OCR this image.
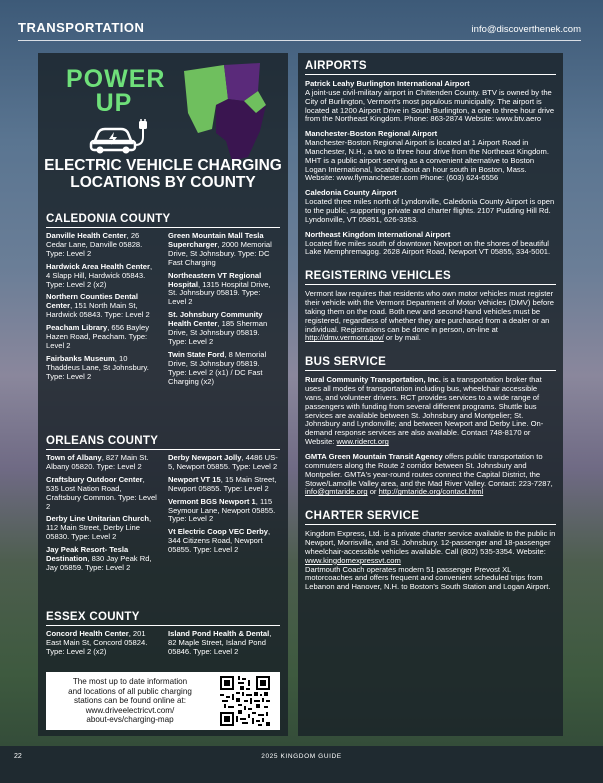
TRANSPORTATION	info@discoverthenek.com
POWER
UP
ELECTRIC VEHICLE CHARGING
LOCATIONS BY COUNTY
CALEDONIA COUNTY
Danville Health Center, 26 Cedar Lane, Danville 05828. Type: Level 2
Hardwick Area Health Center, 4 Slapp Hill, Hardwick 05843. Type: Level 2 (x2)
Northern Counties Dental Center, 151 North Main St, Hardwick 05843. Type: Level 2
Peacham Library, 656 Bayley Hazen Road, Peacham. Type: Level 2
Fairbanks Museum, 10 Thaddeus Lane, St Johnsbury. Type: Level 2
Green Mountain Mall Tesla Supercharger, 2000 Memorial Drive, St Johnsbury. Type: DC Fast Charging
Northeastern VT Regional Hospital, 1315 Hospital Drive, St. Johnsbury 05819. Type: Level 2
St. Johnsbury Community Health Center, 185 Sherman Drive, St Johnsbury 05819. Type: Level 2
Twin State Ford, 8 Memorial Drive, St Johnsbury 05819. Type: Level 2 (x1) / DC Fast Charging (x2)
ORLEANS COUNTY
Town of Albany, 827 Main St. Albany 05820. Type: Level 2
Craftsbury Outdoor Center, 535 Lost Nation Road, Craftsbury Common. Type: Level 2
Derby Line Unitarian Church, 112 Main Street, Derby Line 05830. Type: Level 2
Jay Peak Resort- Tesla Destination, 830 Jay Peak Rd, Jay 05859. Type: Level 2
Derby Newport Jolly, 4486 US-5, Newport 05855. Type: Level 2
Newport VT 15, 15 Main Street, Newport 05855. Type: Level 2
Vermont BGS Newport 1, 115 Seymour Lane, Newport 05855. Type: Level 2
Vt Electric Coop VEC Derby, 344 Citizens Road, Newport 05855. Type: Level 2
ESSEX COUNTY
Concord Health Center, 201 East Main St, Concord 05824. Type: Level 2 (x2)
Island Pond Health & Dental, 82 Maple Street, Island Pond 05846. Type: Level 2
The most up to date information
and locations of all public charging
stations can be found online at:
www.driveelectricvt.com/
about-evs/charging-map
AIRPORTS
Patrick Leahy Burlington International Airport
A joint-use civil-military airport in Chittenden County. BTV is owned by the City of Burlington, Vermont's most populous municipality. The airport is located at 1200 Airport Drive in South Burlington, a one to three hour drive from the Northeast Kingdom. Phone: 863-2874 Website: www.btv.aero
Manchester-Boston Regional Airport
Manchester-Boston Regional Airport is located at 1 Airport Road in Manchester, N.H., a two to three hour drive from the Northeast Kingdom. MHT is a public airport serving as a convenient alternative to Boston Logan International, located about an hour south in Boston, Mass. Website: www.flymanchester.com Phone: (603) 624-6556
Caledonia County Airport
Located three miles north of Lyndonville, Caledonia County Airport is open to the public, supporting private and charter flights. 2107 Pudding Hill Rd. Lyndonville, VT 05851, 626-3353.
Northeast Kingdom International Airport
Located five miles south of downtown Newport on the shores of beautiful Lake Memphremagog. 2628 Airport Road, Newport VT 05855, 334-5001.
REGISTERING VEHICLES
Vermont law requires that residents who own motor vehicles must register their vehicle with the Vermont Department of Motor Vehicles (DMV) before taking them on the road. Both new and second-hand vehicles must be registered, regardless of whether they are purchased from a dealer or an individual. Registrations can be done in person, on-line at http://dmv.vermont.gov/ or by mail.
BUS SERVICE
Rural Community Transportation, Inc. is a transportation broker that uses all modes of transportation including bus, wheelchair accessible vans, and volunteer drivers. RCT provides services to a wide range of passengers with funding from several different programs. Shuttle bus services are available between St. Johnsbury and Montpelier; St. Johnsbury and Lyndonville; and between Newport and Derby Line. On-demand response services are also available. Contact 748-8170 or Website: www.riderct.org
GMTA Green Mountain Transit Agency offers public transportation to commuters along the Route 2 corridor between St. Johnsbury and Montpelier. GMTA's year-round routes connect the Capital District, the Stowe/Lamoille Valley area, and the Mad River Valley. Contact: 223-7287, info@gmtaride.org or http://gmtaride.org/contact.html
CHARTER SERVICE
Kingdom Express, Ltd. is a private charter service available to the public in Newport, Morrisville, and St. Johnsbury. 12-passenger and 18-passenger wheelchair-accessible vehicles available. Call (802) 535-3354. Website: www.kingdomexpressvt.com
Dartmouth Coach operates modern 51 passenger Prevost XL motorcoaches and offers frequent and convenient scheduled trips from Lebanon and Hanover, N.H. to Boston's South Station and Logan Airport.
22	2025 KINGDOM GUIDE
